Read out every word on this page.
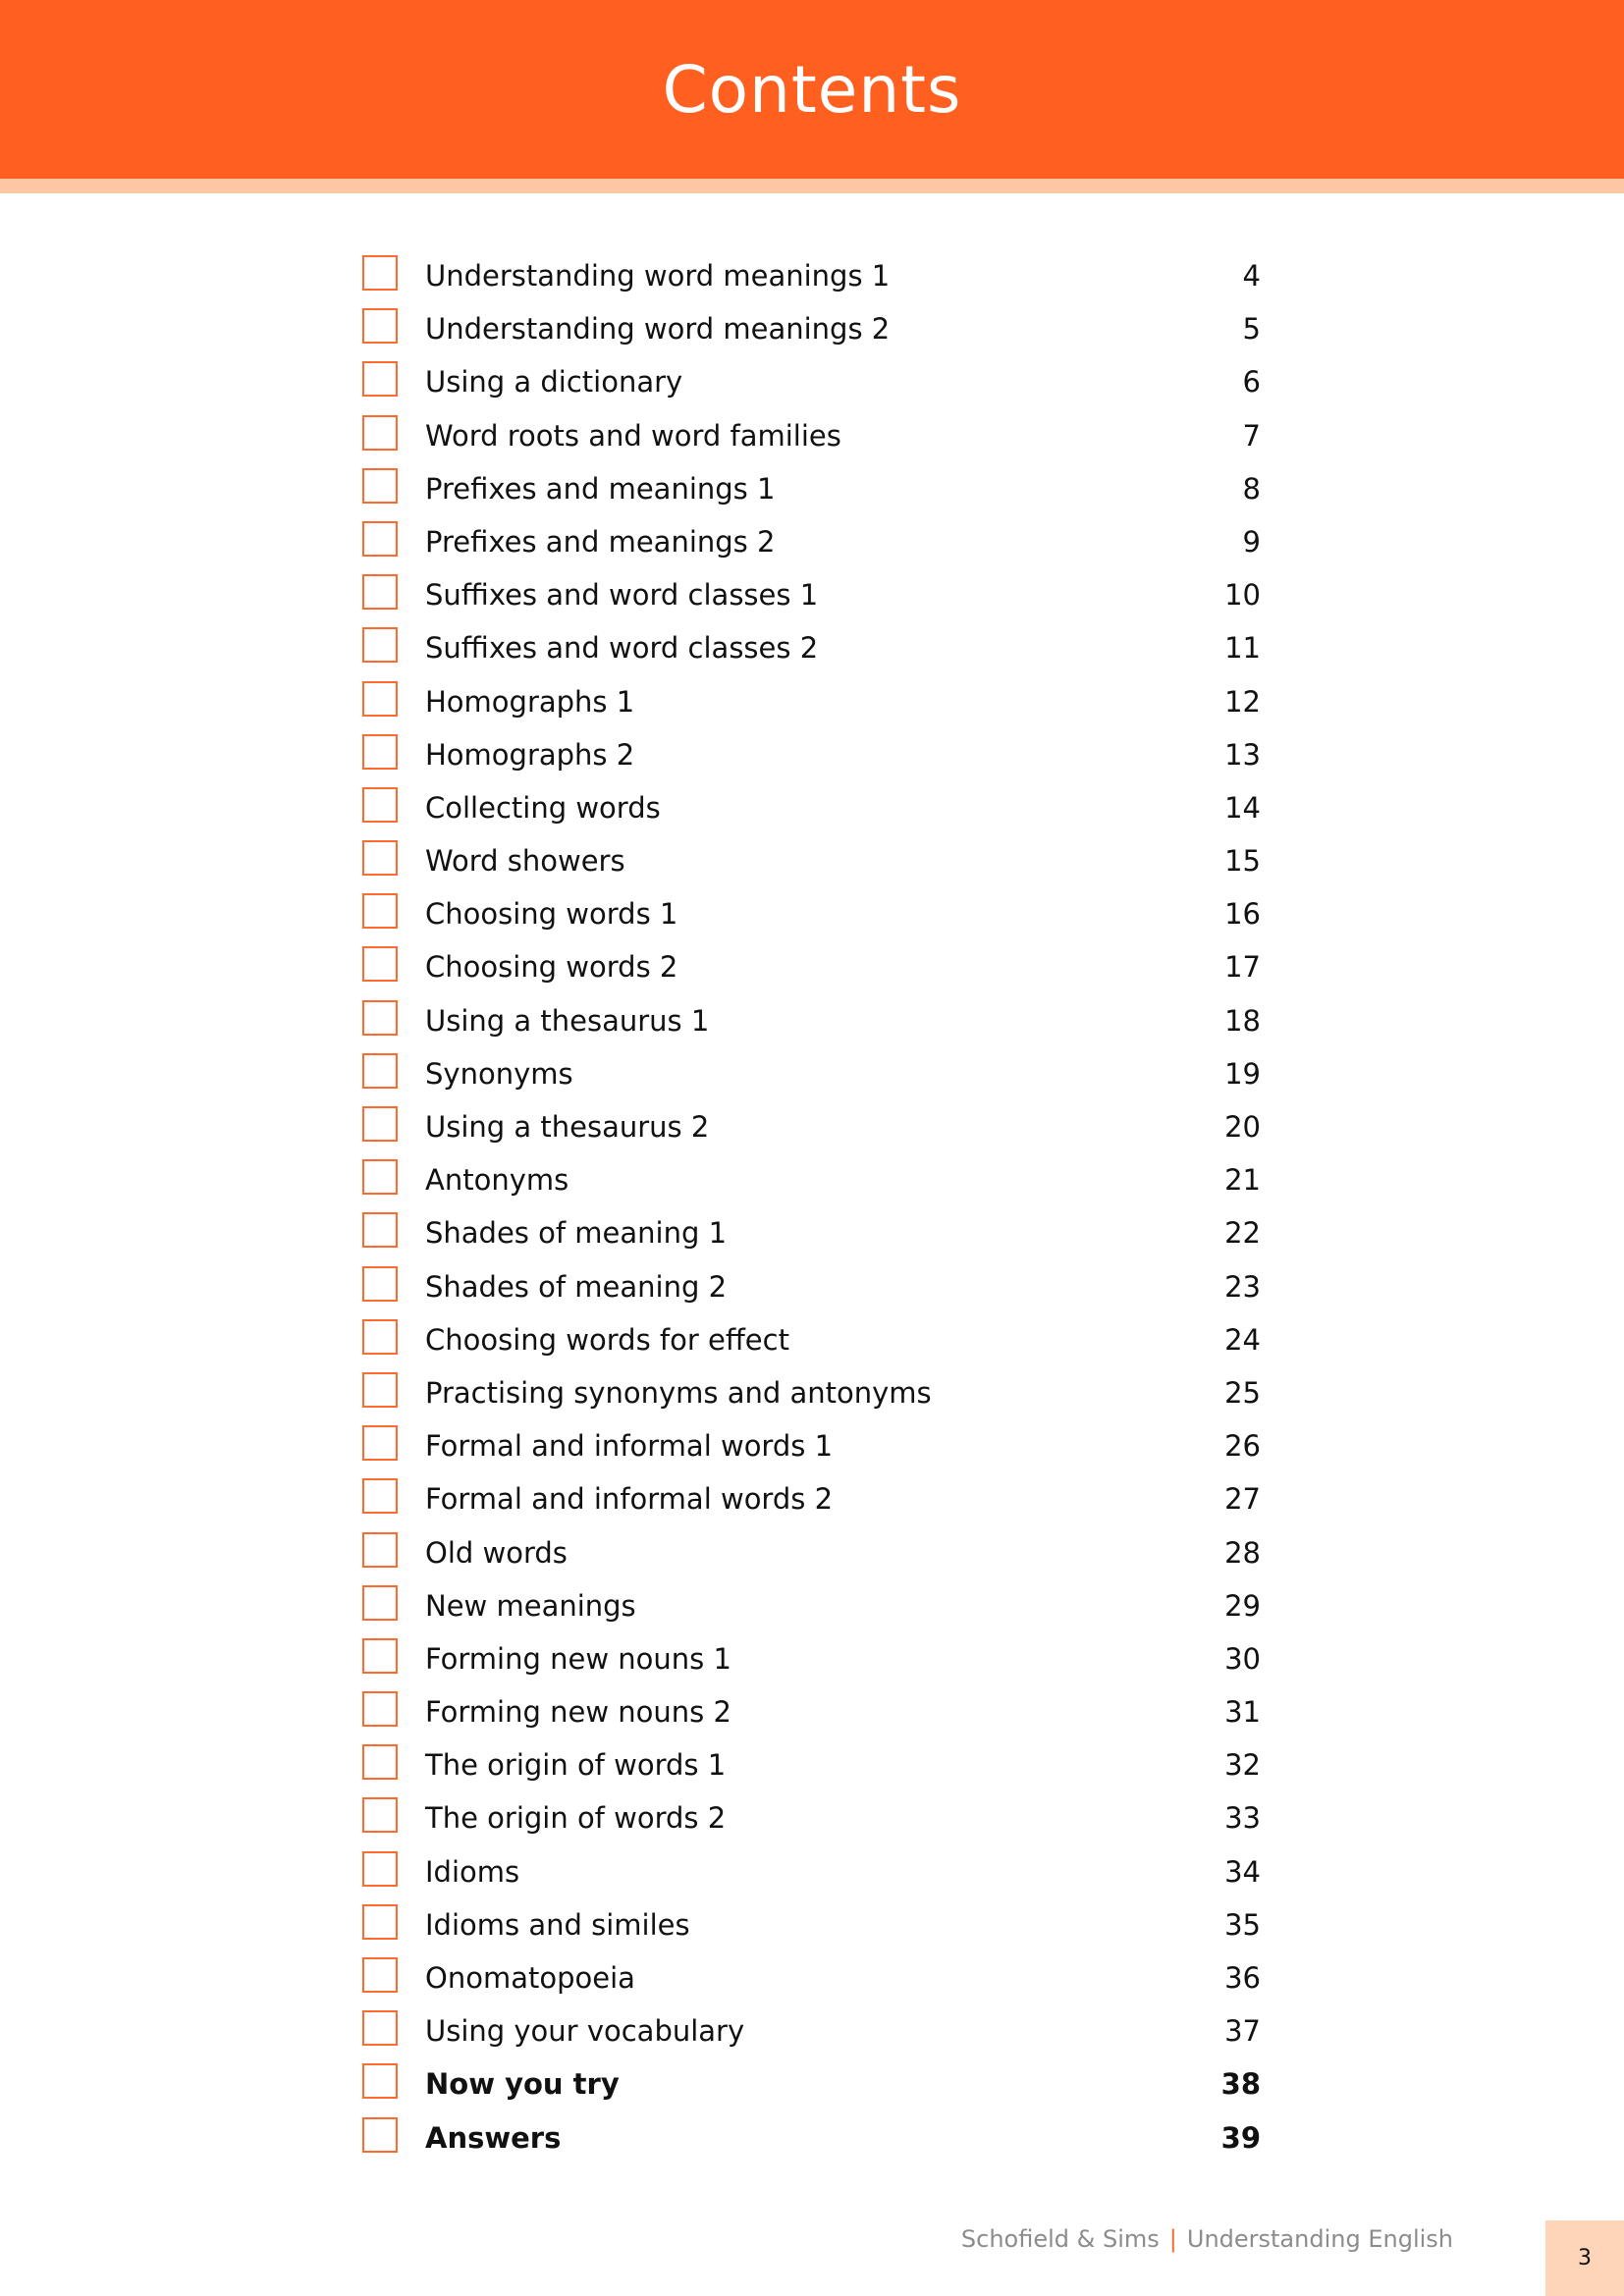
Contents
Understanding word meanings 1	4
Understanding word meanings 2	5
Using a dictionary	6
Word roots and word families	7
Prefixes and meanings 1	8
Prefixes and meanings 2	9
Suffixes and word classes 1	10
Suffixes and word classes 2	11
Homographs 1	12
Homographs 2	13
Collecting words	14
Word showers	15
Choosing words 1	16
Choosing words 2	17
Using a thesaurus 1	18
Synonyms	19
Using a thesaurus 2	20
Antonyms	21
Shades of meaning 1	22
Shades of meaning 2	23
Choosing words for effect	24
Practising synonyms and antonyms	25
Formal and informal words 1	26
Formal and informal words 2	27
Old words	28
New meanings	29
Forming new nouns 1	30
Forming new nouns 2	31
The origin of words 1	32
The origin of words 2	33
Idioms	34
Idioms and similes	35
Onomatopoeia	36
Using your vocabulary	37
Now you try	38
Answers	39
Schofield & Sims | Understanding English
3
